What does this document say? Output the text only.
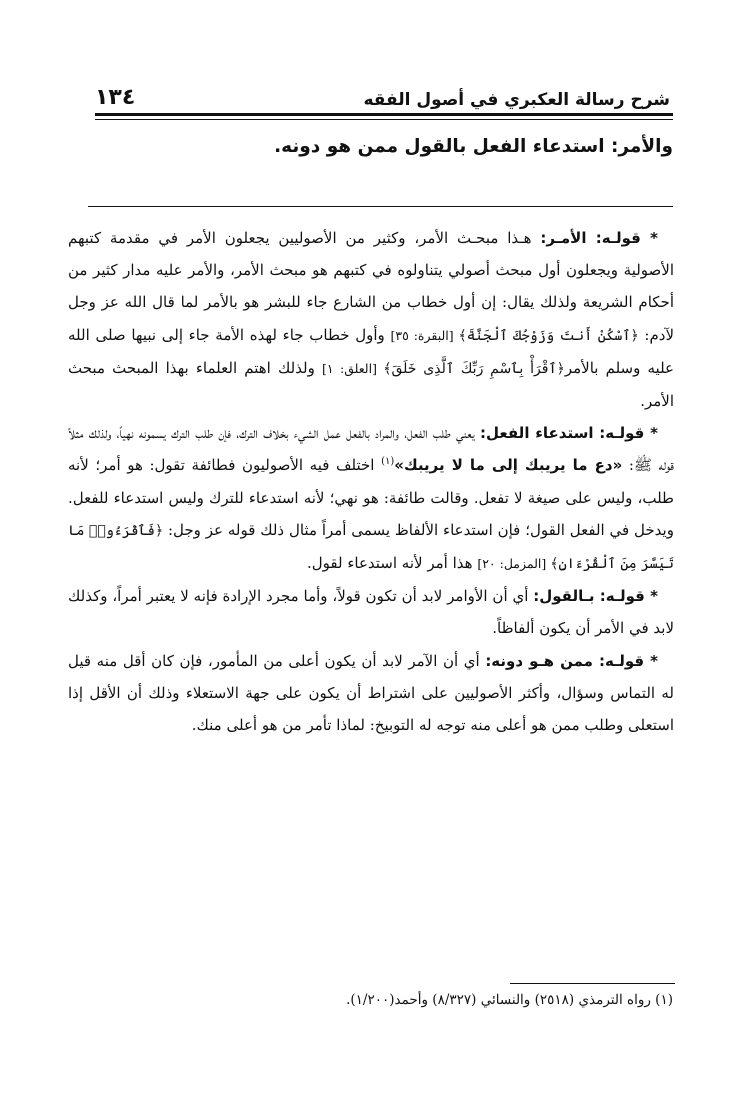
شرح رسالة العكبري في أصول الفقه
١٣٤
والأمر: استدعاء الفعل بالقول ممن هو دونه.

* قولـه: الأمـر: هـذا مبحـث الأمر، وكثير من الأصوليين يجعلون الأمر في مقدمة كتبهم الأصولية ويجعلون أول مبحث أصولي يتناولوه في كتبهم هو مبحث الأمر، والأمر عليه مدار كثير من أحكام الشريعة ولذلك يقال: إن أول خطاب من الشارع جاء للبشر هو بالأمر لما قال الله عز وجل لآدم: ﴿ٱسْكُنْ أَنتَ وَزَوْجُكَ ٱلْجَنَّةَ﴾ [البقرة: ٣٥] وأول خطاب جاء لهذه الأمة جاء إلى نبيها صلى الله عليه وسلم بالأمر﴿ٱقْرَأْ بِٱسْمِ رَبِّكَ ٱلَّذِى خَلَقَ﴾ [العلق: ١] ولذلك اهتم العلماء بهذا المبحث مبحث الأمر.

* قولـه: استدعاء الفعل: يعني طلب الفعل، والمراد بالفعل عمل الشيء بخلاف الترك، فإن طلب الترك يسمونه نهياً، ولذلك مثلاً قوله ﷺ: «دع ما يريبك إلى ما لا يريبك»$^{(١)}$ اختلف فيه الأصوليون فطائفة تقول: هو أمر؛ لأنه طلب، وليس على صيغة لا تفعل. وقالت طائفة: هو نهي؛ لأنه استدعاء للترك وليس استدعاء للفعل. ويدخل في الفعل القول؛ فإن استدعاء الألفاظ يسمى أمراً مثال ذلك قوله عز وجل: ﴿فَٱقْرَءُوا۟ مَا تَيَسَّرَ مِنَ ٱلْقُرْءَانِ﴾ [المزمل: ٢٠] هذا أمر لأنه استدعاء لقول.

* قولـه: بـالقول: أي أن الأوامر لابد أن تكون قولاً، وأما مجرد الإرادة فإنه لا يعتبر أمراً، وكذلك لابد في الأمر أن يكون ألفاظاً.

* قولـه: ممن هـو دونه: أي أن الآمر لابد أن يكون أعلى من المأمور، فإن كان أقل منه قيل له التماس وسؤال، وأكثر الأصوليين على اشتراط أن يكون على جهة الاستعلاء وذلك أن الأقل إذا استعلى وطلب ممن هو أعلى منه توجه له التوبيخ: لماذا تأمر من هو أعلى منك.

(١) رواه الترمذي (٢٥١٨) والنسائي (٨/٣٢٧) وأحمد(١/٢٠٠).
